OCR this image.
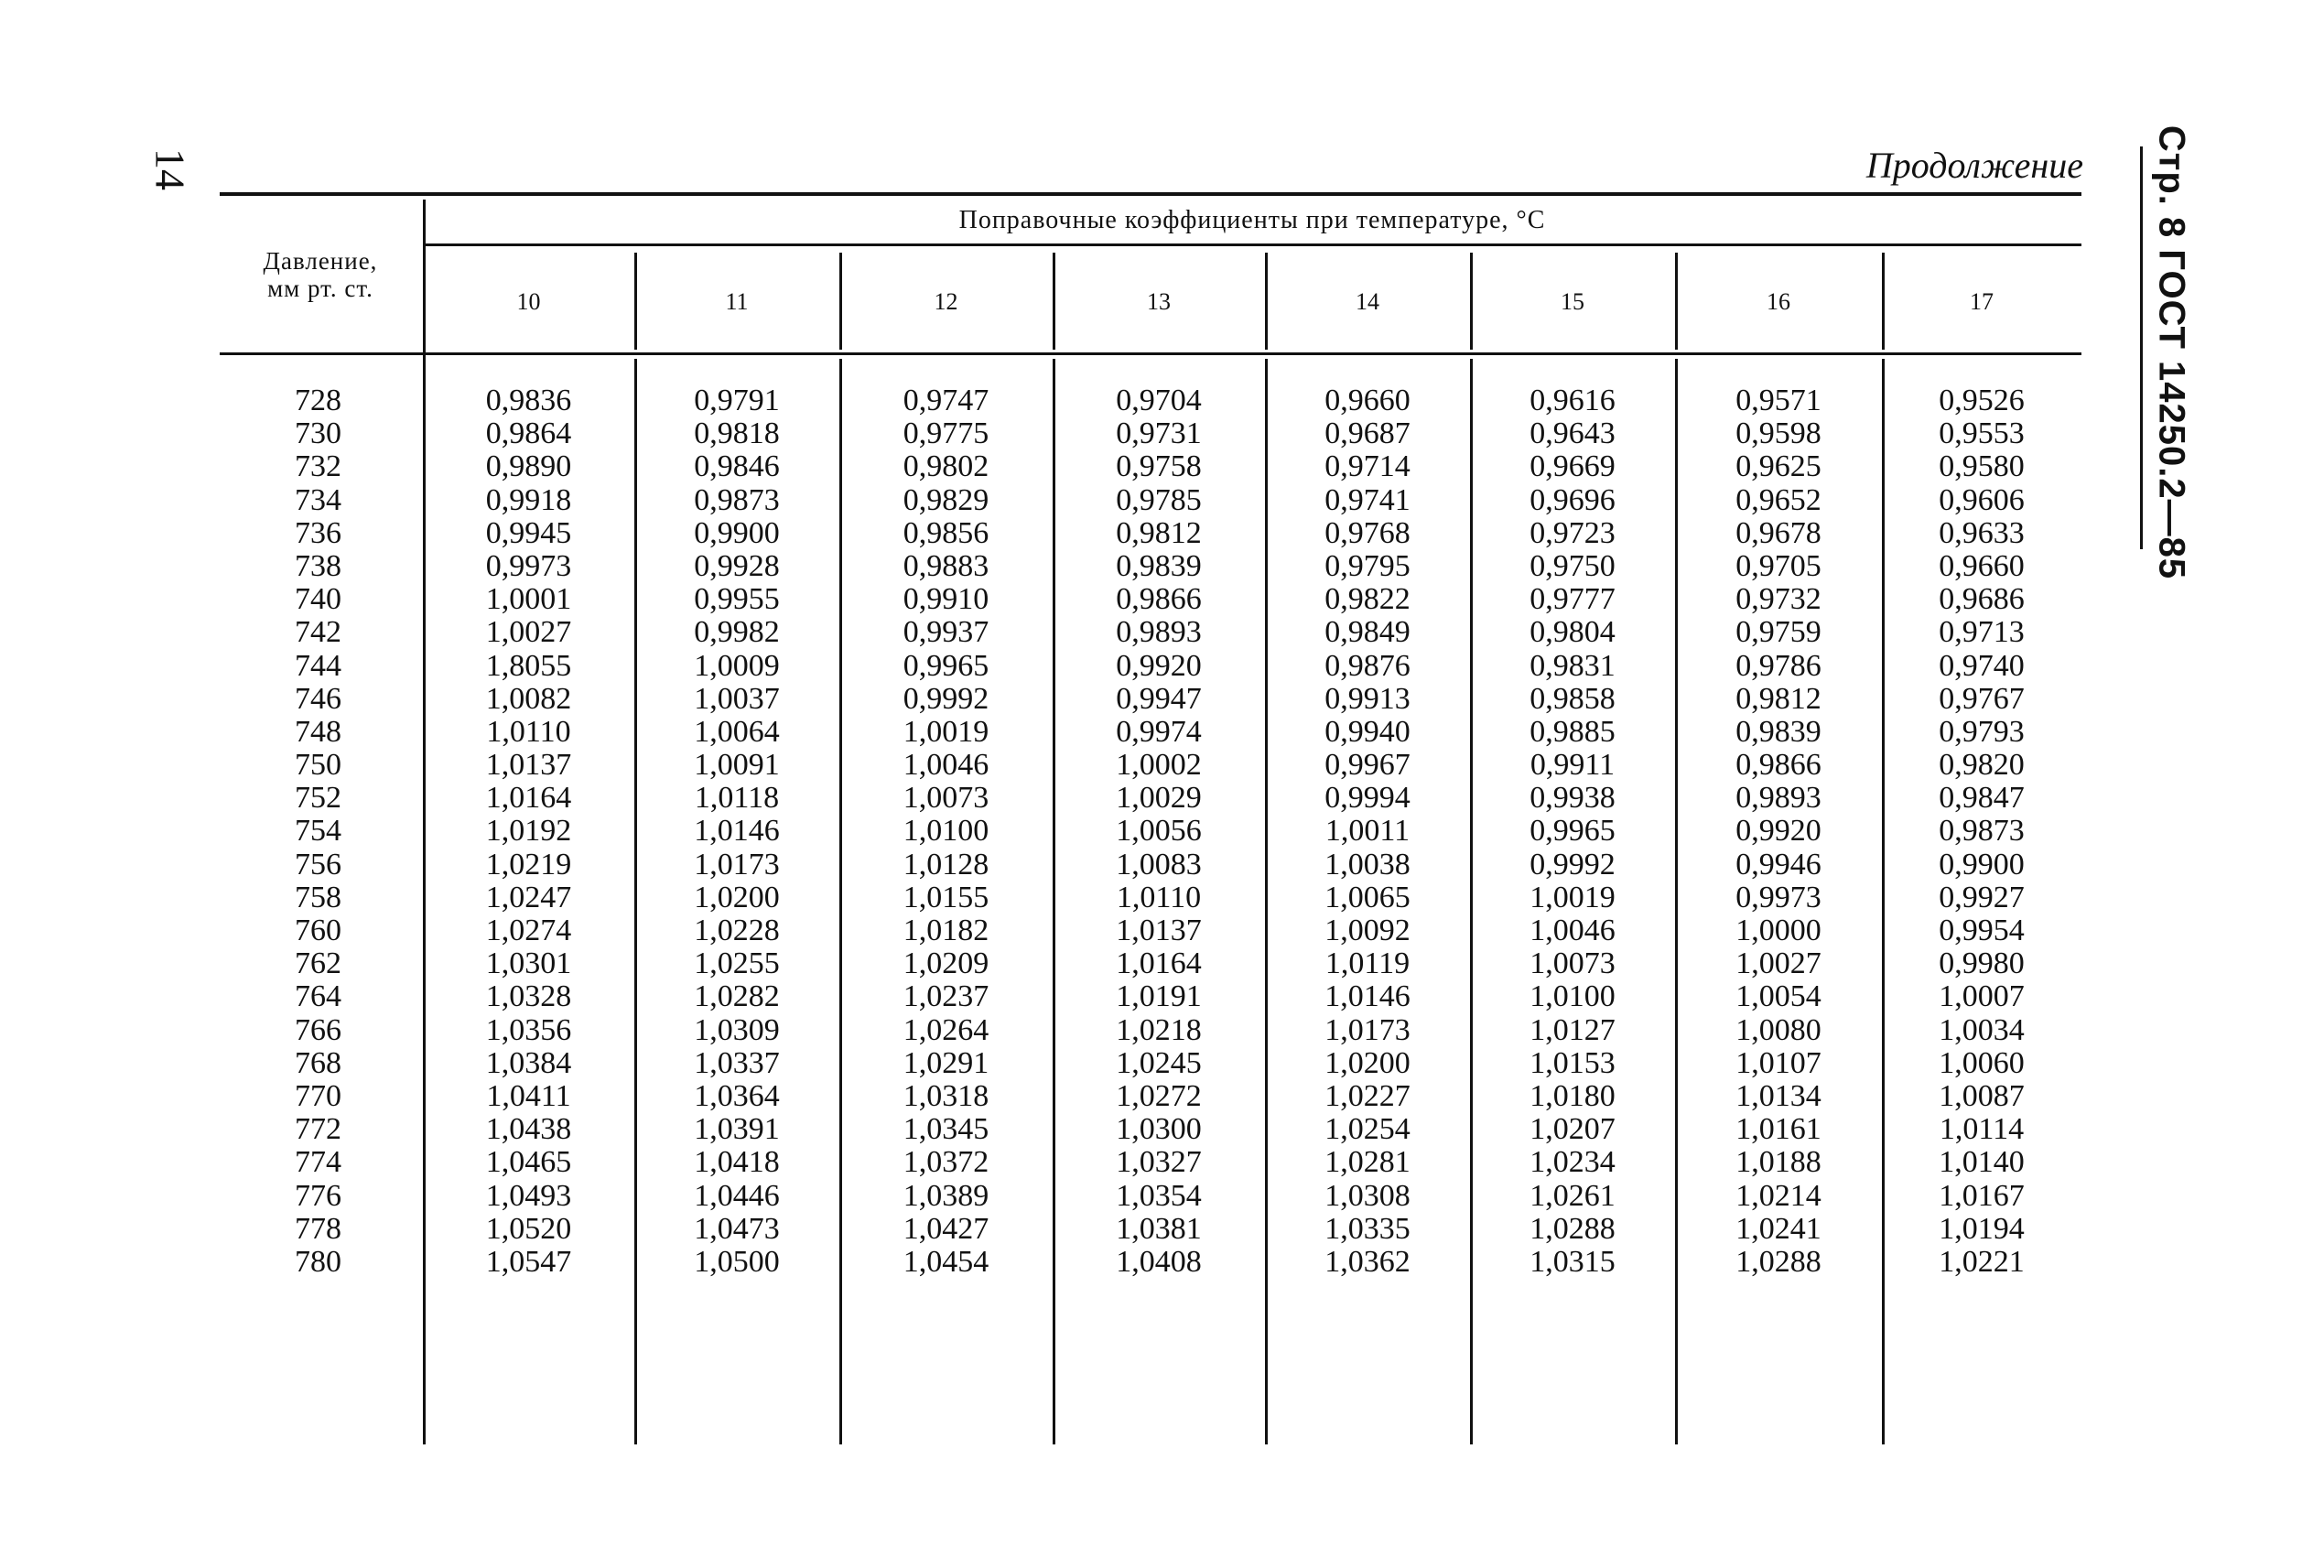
14	Продолжение Стр. 8 ГОСТ 14250.2—85
Давление,
мм рт. ст.
Поправочные коэффициенты при температуре, °С
10	11	12	13	14	15	16	17
728	0,9836	0,9791	0,9747	0,9704	0,9660	0,9616	0,9571	0,9526
730	0,9864	0,9818	0,9775	0,9731	0,9687	0,9643	0,9598	0,9553
732	0,9890	0,9846	0,9802	0,9758	0,9714	0,9669	0,9625	0,9580
734	0,9918	0,9873	0,9829	0,9785	0,9741	0,9696	0,9652	0,9606
736	0,9945	0,9900	0,9856	0,9812	0,9768	0,9723	0,9678	0,9633
738	0,9973	0,9928	0,9883	0,9839	0,9795	0,9750	0,9705	0,9660
740	1,0001	0,9955	0,9910	0,9866	0,9822	0,9777	0,9732	0,9686
742	1,0027	0,9982	0,9937	0,9893	0,9849	0,9804	0,9759	0,9713
744	1,8055	1,0009	0,9965	0,9920	0,9876	0,9831	0,9786	0,9740
746	1,0082	1,0037	0,9992	0,9947	0,9913	0,9858	0,9812	0,9767
748	1,0110	1,0064	1,0019	0,9974	0,9940	0,9885	0,9839	0,9793
750	1,0137	1,0091	1,0046	1,0002	0,9967	0,9911	0,9866	0,9820
752	1,0164	1,0118	1,0073	1,0029	0,9994	0,9938	0,9893	0,9847
754	1,0192	1,0146	1,0100	1,0056	1,0011	0,9965	0,9920	0,9873
756	1,0219	1,0173	1,0128	1,0083	1,0038	0,9992	0,9946	0,9900
758	1,0247	1,0200	1,0155	1,0110	1,0065	1,0019	0,9973	0,9927
760	1,0274	1,0228	1,0182	1,0137	1,0092	1,0046	1,0000	0,9954
762	1,0301	1,0255	1,0209	1,0164	1,0119	1,0073	1,0027	0,9980
764	1,0328	1,0282	1,0237	1,0191	1,0146	1,0100	1,0054	1,0007
766	1,0356	1,0309	1,0264	1,0218	1,0173	1,0127	1,0080	1,0034
768	1,0384	1,0337	1,0291	1,0245	1,0200	1,0153	1,0107	1,0060
770	1,0411	1,0364	1,0318	1,0272	1,0227	1,0180	1,0134	1,0087
772	1,0438	1,0391	1,0345	1,0300	1,0254	1,0207	1,0161	1,0114
774	1,0465	1,0418	1,0372	1,0327	1,0281	1,0234	1,0188	1,0140
776	1,0493	1,0446	1,0389	1,0354	1,0308	1,0261	1,0214	1,0167
778	1,0520	1,0473	1,0427	1,0381	1,0335	1,0288	1,0241	1,0194
780	1,0547	1,0500	1,0454	1,0408	1,0362	1,0315	1,0288	1,0221
